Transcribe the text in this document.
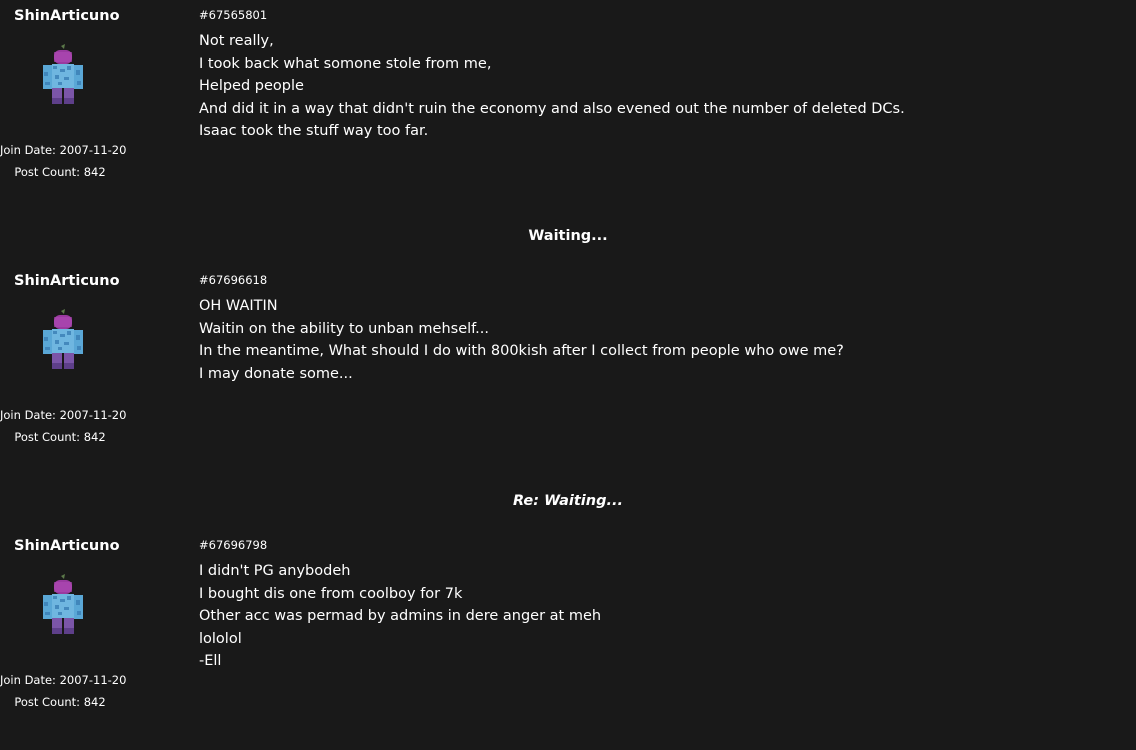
ShinArticuno
Join Date: 2007-11-20
Post Count: 842
#67565801
Not really,
I took back what somone stole from me,
Helped people
And did it in a way that didn't ruin the economy and also evened out the number of deleted DCs.
Isaac took the stuff way too far.
Waiting...
ShinArticuno
Join Date: 2007-11-20
Post Count: 842
#67696618
OH WAITIN
Waitin on the ability to unban mehself...
In the meantime, What should I do with 800kish after I collect from people who owe me?
I may donate some...
Re: Waiting...
ShinArticuno
Join Date: 2007-11-20
Post Count: 842
#67696798
I didn't PG anybodeh
I bought dis one from coolboy for 7k
Other acc was permad by admins in dere anger at meh
lololol
-Ell
